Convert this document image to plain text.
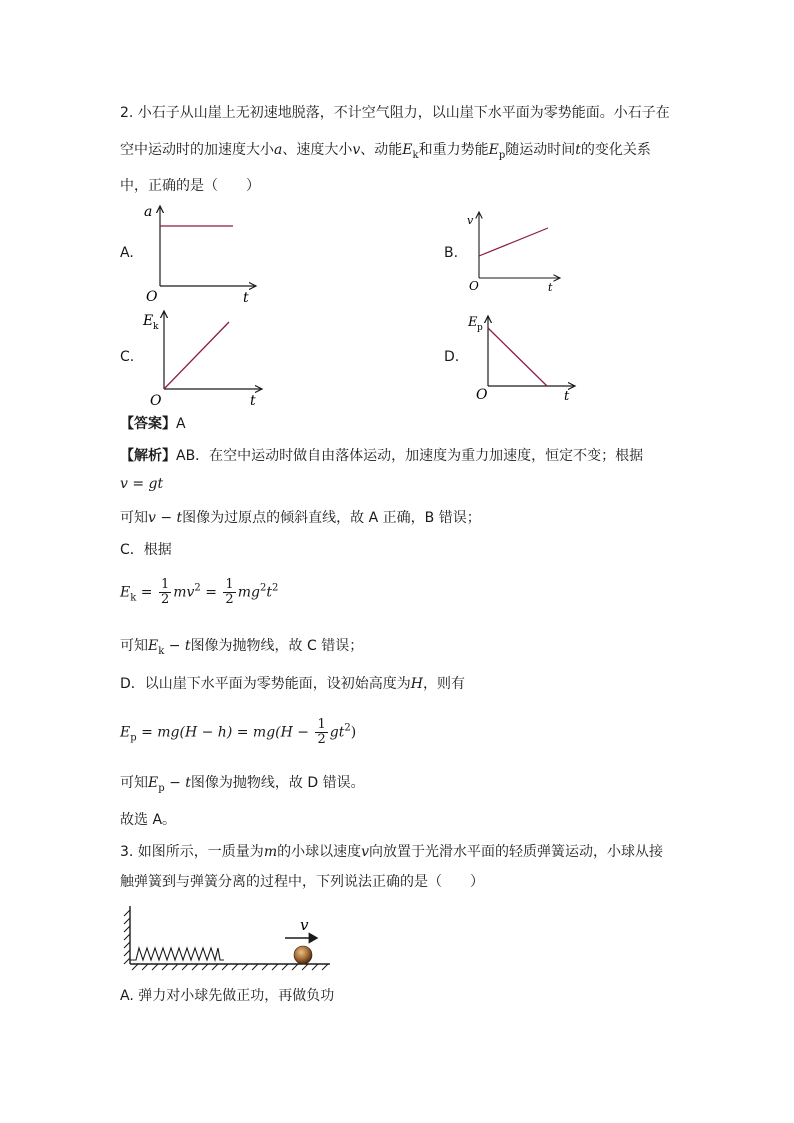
2. 小石子从山崖上无初速地脱落，不计空气阻力，以山崖下水平面为零势能面。小石子在
空中运动时的加速度大小a、速度大小v、动能$E_k$和重力势能$E_p$随运动时间t的变化关系
中，正确的是（　　）
A.	B.
C.	D.
a
t
O
v
t
O
E k
t
O
E p
t
O
【答案】A
【解析】AB．在空中运动时做自由落体运动，加速度为重力加速度，恒定不变；根据
v = gt
可知v − t图像为过原点的倾斜直线，故 A 正确，B 错误；
C．根据
$E_k = \frac{1}{2} mv^2 = \frac{1}{2} mg^2t^2$
可知$E_k - t$图像为抛物线，故 C 错误；
D．以山崖下水平面为零势能面，设初始高度为H，则有
$E_p = mg(H - h) = mg(H - \frac{1}{2} gt^2)$
可知$E_p - t$图像为抛物线，故 D 错误。
故选 A。
3. 如图所示，一质量为m的小球以速度v向放置于光滑水平面的轻质弹簧运动，小球从接
触弹簧到与弹簧分离的过程中，下列说法正确的是（　　）
v
A. 弹力对小球先做正功，再做负功
